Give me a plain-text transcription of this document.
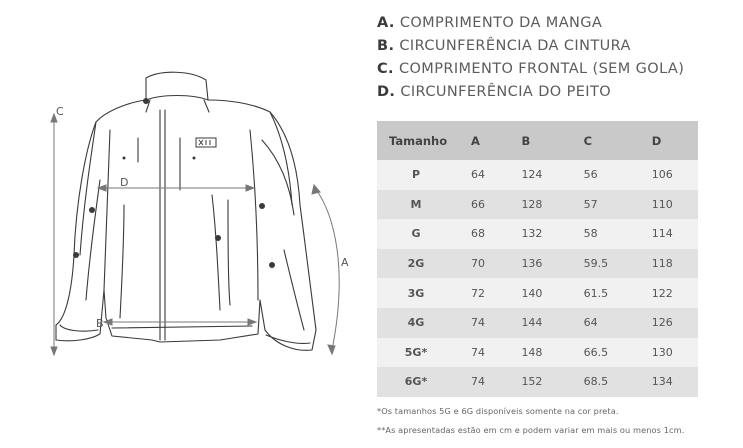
A
B
C
D
A. COMPRIMENTO DA MANGA
B. CIRCUNFERÊNCIA DA CINTURA
C. COMPRIMENTO FRONTAL (SEM GOLA)
D. CIRCUNFERÊNCIA DO PEITO
Tamanho	A	B	C	D
P	64	124	56	106
M	66	128	57	110
G	68	132	58	114
2G	70	136	59.5	118
3G	72	140	61.5	122
4G	74	144	64	126
5G*	74	148	66.5	130
6G*	74	152	68.5	134
*Os tamanhos 5G e 6G disponíveis somente na cor preta.
**As apresentadas estão em cm e podem variar em mais ou menos 1cm.
